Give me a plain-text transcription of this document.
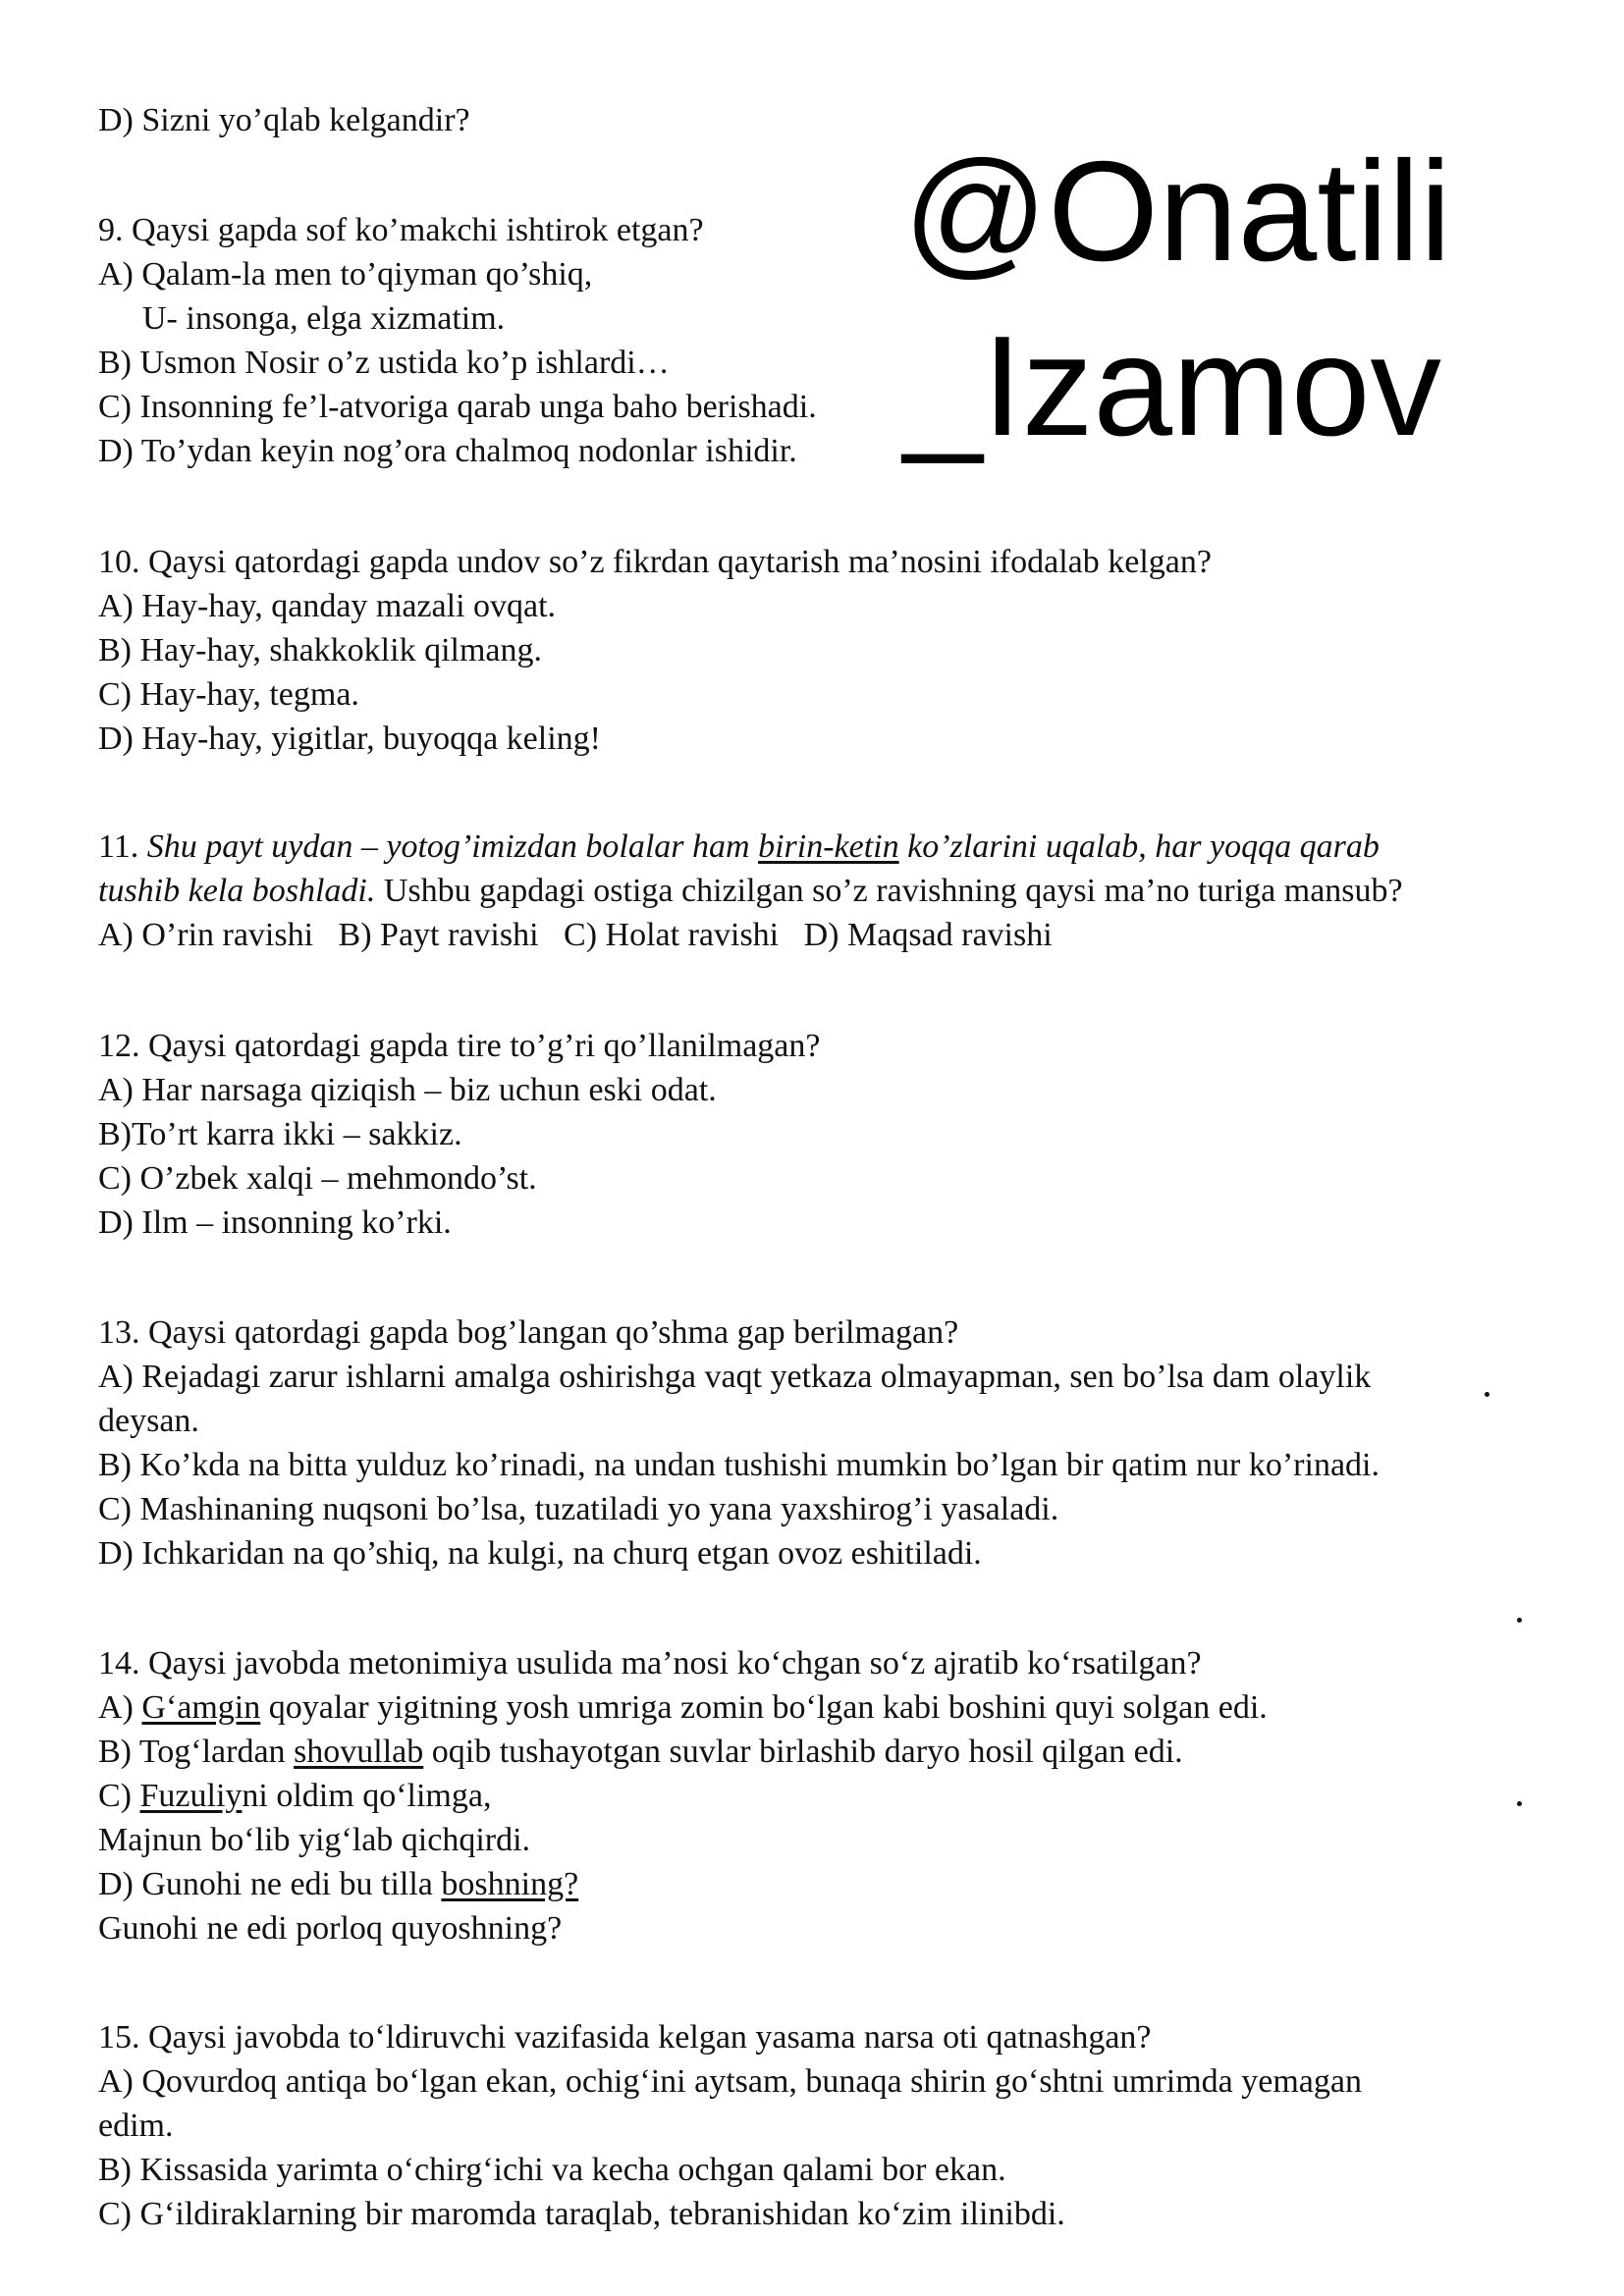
@Onatili
_Izamov
D) Sizni yo’qlab kelgandir?
9. Qaysi gapda sof ko’makchi ishtirok etgan?
A) Qalam-la men to’qiyman qo’shiq,
U- insonga, elga xizmatim.
B) Usmon Nosir o’z ustida ko’p ishlardi…
C) Insonning fe’l-atvoriga qarab unga baho berishadi.
D) To’ydan keyin nog’ora chalmoq nodonlar ishidir.
10. Qaysi qatordagi gapda undov so’z fikrdan qaytarish ma’nosini ifodalab kelgan?
A) Hay-hay, qanday mazali ovqat.
B) Hay-hay, shakkoklik qilmang.
C) Hay-hay, tegma.
D) Hay-hay, yigitlar, buyoqqa keling!
11. Shu payt uydan – yotog’imizdan bolalar ham birin-ketin ko’zlarini uqalab, har yoqqa qarab
tushib kela boshladi. Ushbu gapdagi ostiga chizilgan so’z ravishning qaysi ma’no turiga mansub?
A) O’rin ravishi   B) Payt ravishi   C) Holat ravishi   D) Maqsad ravishi
12. Qaysi qatordagi gapda tire to’g’ri qo’llanilmagan?
A) Har narsaga qiziqish – biz uchun eski odat.
B)To’rt karra ikki – sakkiz.
C) O’zbek xalqi – mehmondo’st.
D) Ilm – insonning ko’rki.
13. Qaysi qatordagi gapda bog’langan qo’shma gap berilmagan?
A) Rejadagi zarur ishlarni amalga oshirishga vaqt yetkaza olmayapman, sen bo’lsa dam olaylik
deysan.
B) Ko’kda na bitta yulduz ko’rinadi, na undan tushishi mumkin bo’lgan bir qatim nur ko’rinadi.
C) Mashinaning nuqsoni bo’lsa, tuzatiladi yo yana yaxshirog’i yasaladi.
D) Ichkaridan na qo’shiq, na kulgi, na churq etgan ovoz eshitiladi.
14. Qaysi javobda metonimiya usulida ma’nosi ko‘chgan so‘z ajratib ko‘rsatilgan?
A) G‘amgin qoyalar yigitning yosh umriga zomin bo‘lgan kabi boshini quyi solgan edi.
B) Tog‘lardan shovullab oqib tushayotgan suvlar birlashib daryo hosil qilgan edi.
C) Fuzuliyni oldim qo‘limga,
Majnun bo‘lib yig‘lab qichqirdi.
D) Gunohi ne edi bu tilla boshning?
Gunohi ne edi porloq quyoshning?
15. Qaysi javobda to‘ldiruvchi vazifasida kelgan yasama narsa oti qatnashgan?
A) Qovurdoq antiqa bo‘lgan ekan, ochig‘ini aytsam, bunaqa shirin go‘shtni umrimda yemagan
edim.
B) Kissasida yarimta o‘chirg‘ichi va kecha ochgan qalami bor ekan.
C) G‘ildiraklarning bir maromda taraqlab, tebranishidan ko‘zim ilinibdi.
